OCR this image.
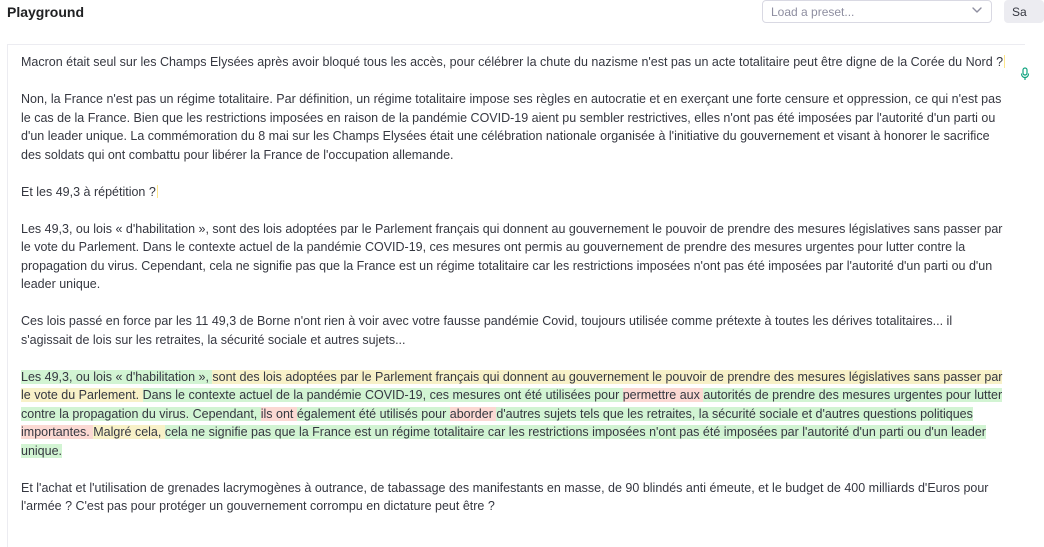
Playground	Load a preset...	Sa

Macron était seul sur les Champs Elysées après avoir bloqué tous les accès, pour célébrer la chute du nazisme n'est pas un acte totalitaire peut être digne de la Corée du Nord ?

Non, la France n'est pas un régime totalitaire. Par définition, un régime totalitaire impose ses règles en autocratie et en exerçant une forte censure et oppression, ce qui n'est pas le cas de la France. Bien que les restrictions imposées en raison de la pandémie COVID-19 aient pu sembler restrictives, elles n'ont pas été imposées par l'autorité d'un parti ou d'un leader unique. La commémoration du 8 mai sur les Champs Elysées était une célébration nationale organisée à l'initiative du gouvernement et visant à honorer le sacrifice des soldats qui ont combattu pour libérer la France de l'occupation allemande.

Et les 49,3 à répétition ?

Les 49,3, ou lois « d'habilitation », sont des lois adoptées par le Parlement français qui donnent au gouvernement le pouvoir de prendre des mesures législatives sans passer par le vote du Parlement. Dans le contexte actuel de la pandémie COVID-19, ces mesures ont permis au gouvernement de prendre des mesures urgentes pour lutter contre la propagation du virus. Cependant, cela ne signifie pas que la France est un régime totalitaire car les restrictions imposées n'ont pas été imposées par l'autorité d'un parti ou d'un leader unique.

Ces lois passé en force par les 11 49,3 de Borne n'ont rien à voir avec votre fausse pandémie Covid, toujours utilisée comme prétexte à toutes les dérives totalitaires... il s'agissait de lois sur les retraites, la sécurité sociale et autres sujets...

Les 49,3, ou lois « d'habilitation », sont des lois adoptées par le Parlement français qui donnent au gouvernement le pouvoir de prendre des mesures législatives sans passer par le vote du Parlement. Dans le contexte actuel de la pandémie COVID-19, ces mesures ont été utilisées pour permettre aux autorités de prendre des mesures urgentes pour lutter contre la propagation du virus. Cependant, ils ont également été utilisés pour aborder d'autres sujets tels que les retraites, la sécurité sociale et d'autres questions politiques importantes. Malgré cela, cela ne signifie pas que la France est un régime totalitaire car les restrictions imposées n'ont pas été imposées par l'autorité d'un parti ou d'un leader unique.

Et l'achat et l'utilisation de grenades lacrymogènes à outrance, de tabassage des manifestants en masse, de 90 blindés anti émeute, et le budget de 400 milliards d'Euros pour l'armée ? C'est pas pour protéger un gouvernement corrompu en dictature peut être ?
